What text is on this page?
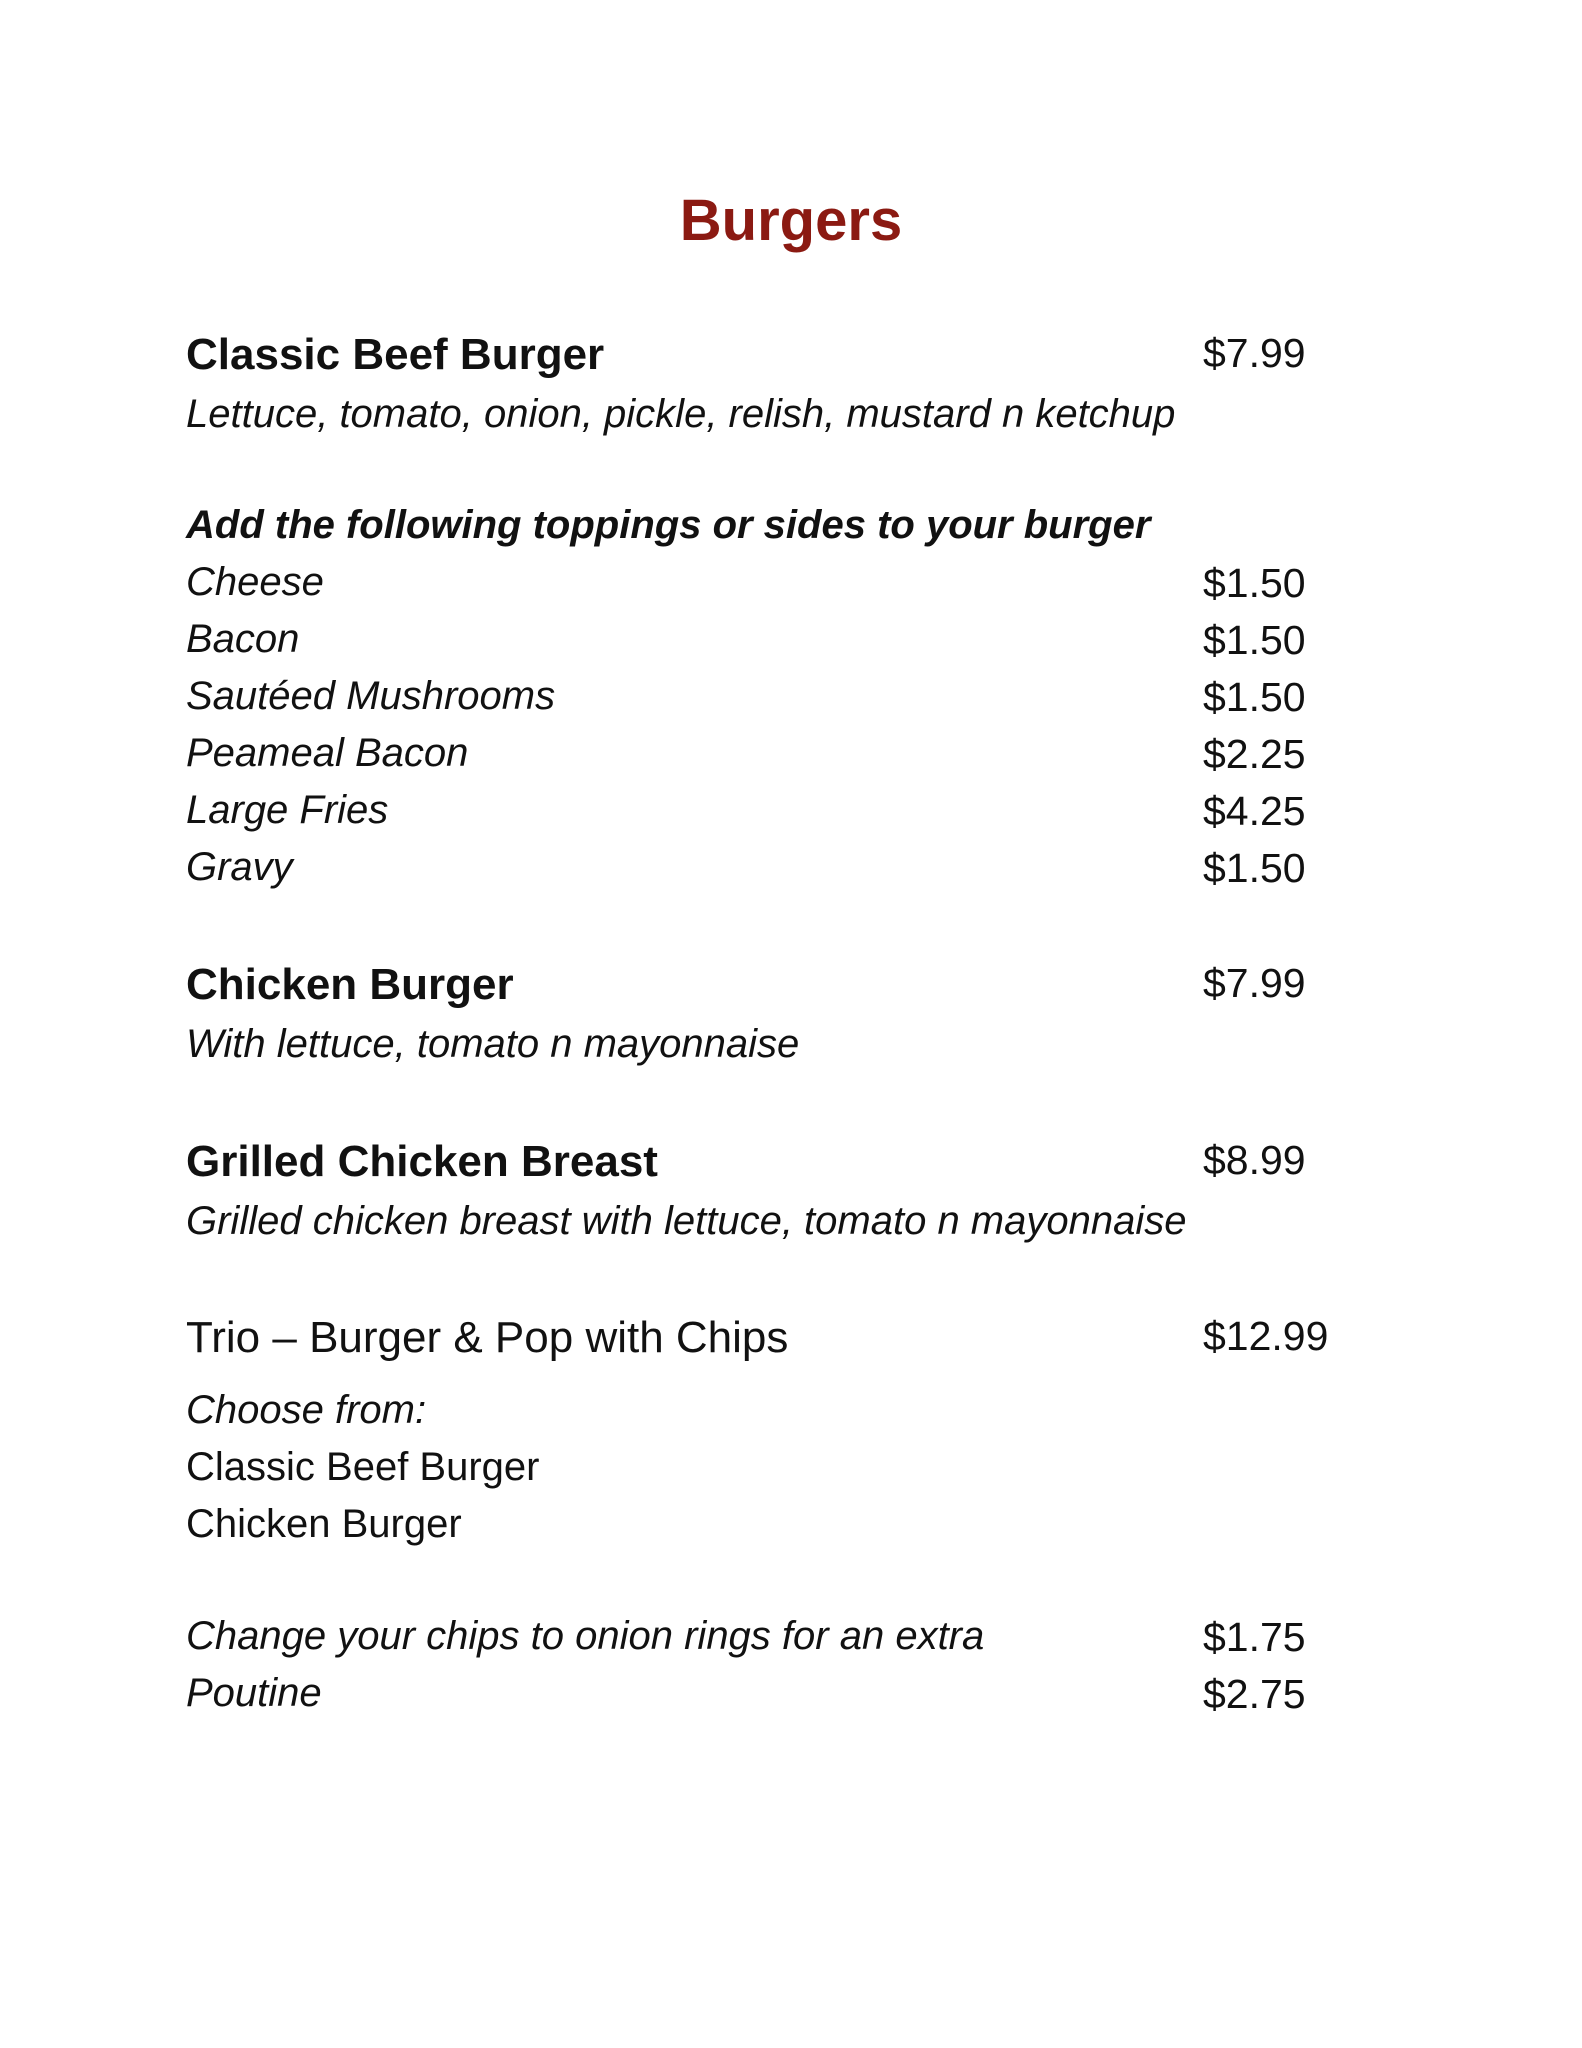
Burgers
Classic Beef Burger	$7.99
Lettuce, tomato, onion, pickle, relish, mustard n ketchup
Add the following toppings or sides to your burger
Cheese	$1.50
Bacon	$1.50
Sautéed Mushrooms	$1.50
Peameal Bacon	$2.25
Large Fries	$4.25
Gravy	$1.50
Chicken Burger	$7.99
With lettuce, tomato n mayonnaise
Grilled Chicken Breast	$8.99
Grilled chicken breast with lettuce, tomato n mayonnaise
Trio – Burger & Pop with Chips	$12.99
Choose from:
Classic Beef Burger
Chicken Burger
Change your chips to onion rings for an extra	$1.75
Poutine	$2.75
